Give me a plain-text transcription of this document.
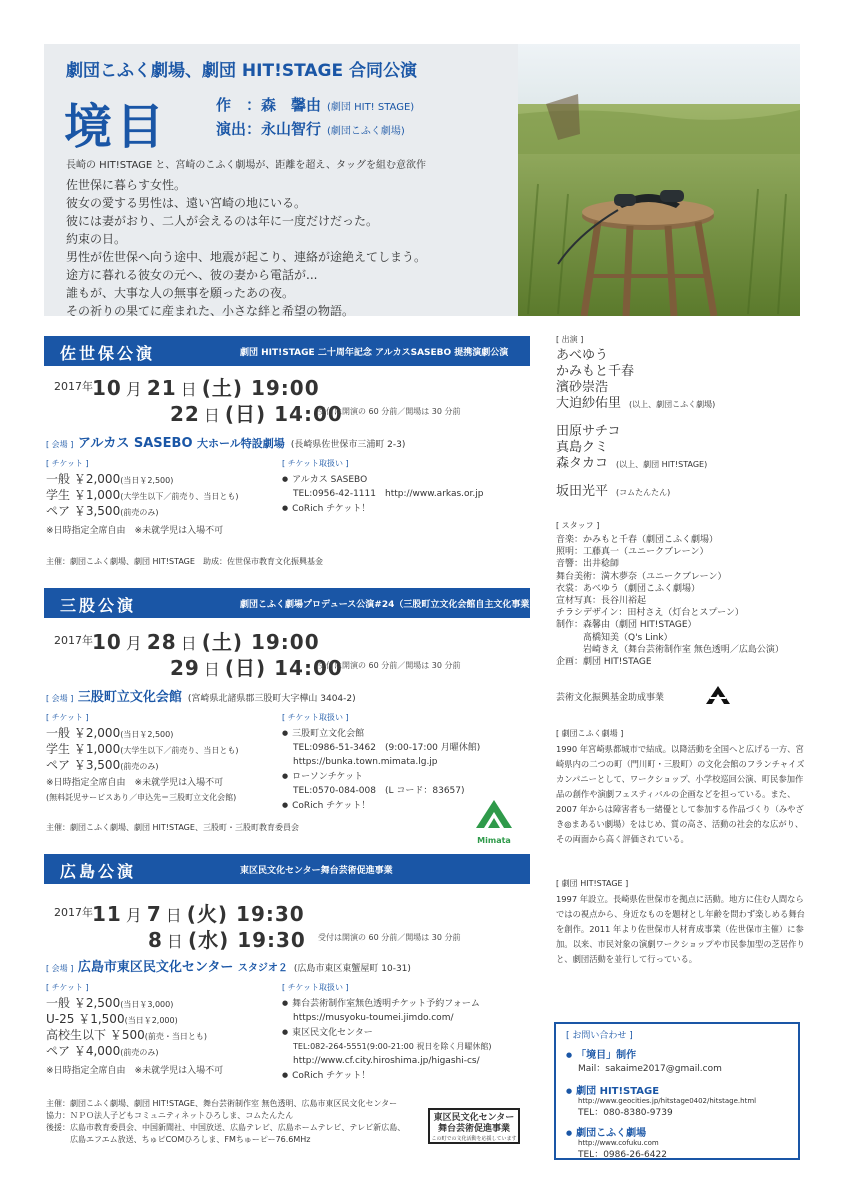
劇団こふく劇場、劇団 HIT!STAGE 合同公演
境目	作　：森　馨由 (劇団 HIT! STAGE)
演出：永山智行 (劇団こふく劇場)
長崎の HIT!STAGE と、宮崎のこふく劇場が、距離を超え、タッグを組む意欲作
佐世保に暮らす女性。
彼女の愛する男性は、遠い宮崎の地にいる。
彼には妻がおり、二人が会えるのは年に一度だけだった。
約束の日。
男性が佐世保へ向う途中、地震が起こり、連絡が途絶えてしまう。
途方に暮れる彼女の元へ、彼の妻から電話が...
誰もが、大事な人の無事を願ったあの夜。
その祈りの果てに産まれた、小さな絆と希望の物語。
佐世保公演	劇団 HIT!STAGE 二十周年記念 アルカスSASEBO 提携演劇公演
2017年 10 月 21 日 (土) 19:00
22 日 (日) 14:00
受付は開演の 60 分前／開場は 30 分前
[ 会場 ] アルカス SASEBO 大ホール特設劇場 (長崎県佐世保市三浦町 2-3)
[ チケット ]
一般 ￥2,000(当日￥2,500)
学生 ￥1,000(大学生以下／前売り、当日とも)
ペア ￥3,500(前売のみ)
※日時指定全席自由　※未就学児は入場不可
[ チケット取扱い ]
● アルカス SASEBO
TEL:0956-42-1111　http://www.arkas.or.jp
● CoRich チケット！
主催：劇団こふく劇場、劇団 HIT!STAGE　助成：佐世保市教育文化振興基金
三股公演	劇団こふく劇場プロデュース公演#24（三股町立文化会館自主文化事業）
2017年 10 月 28 日 (土) 19:00
29 日 (日) 14:00
受付は開演の 60 分前／開場は 30 分前
[ 会場 ] 三股町立文化会館 (宮崎県北諸県郡三股町大字樺山 3404-2)
[ チケット ]
一般 ￥2,000(当日￥2,500)
学生 ￥1,000(大学生以下／前売り、当日とも)
ペア ￥3,500(前売のみ)
※日時指定全席自由　※未就学児は入場不可
(無料託児サービスあり／申込先＝三股町立文化会館)
[ チケット取扱い ]
● 三股町立文化会館
TEL:0986-51-3462　(9:00-17:00 月曜休館)
https://bunka.town.mimata.lg.jp
● ローソンチケット
TEL:0570-084-008　(L コード：83657)
● CoRich チケット！
Mimata
主催：劇団こふく劇場、劇団 HIT!STAGE、三股町・三股町教育委員会
広島公演	東区民文化センター舞台芸術促進事業
2017年 11 月 7 日 (火) 19:30
8 日 (水) 19:30 受付は開演の 60 分前／開場は 30 分前
[ 会場 ] 広島市東区民文化センター スタジオ２ (広島市東区東蟹屋町 10-31)
[ チケット ]
一般 ￥2,500(当日￥3,000)
U-25 ￥1,500(当日￥2,000)
高校生以下 ￥500(前売・当日とも)
ペア ￥4,000(前売のみ)
※日時指定全席自由　※未就学児は入場不可
[ チケット取扱い ]
● 舞台芸術制作室無色透明チケット予約フォーム
https://musyoku-toumei.jimdo.com/
● 東区民文化センター
TEL:082-264-5551(9:00-21:00 祝日を除く月曜休館)
http://www.cf.city.hiroshima.jp/higashi-cs/
● CoRich チケット！
主催：劇団こふく劇場、劇団 HIT!STAGE、舞台芸術制作室 無色透明、広島市東区民文化センター
協力：ＮＰＯ法人子どもコミュニティネットひろしま、コムたんたん
後援：広島市教育委員会、中国新聞社、中国放送、広島テレビ、広島ホームテレビ、テレビ新広島、
　　　広島エフエム放送、ちゅピCOMひろしま、FMちゅーピー76.6MHz
東区民文化センター
舞台芸術促進事業
この町での文化活動を応援しています
[ 出演 ]
あべゆう
かみもと千春
濱砂崇浩
大迫紗佑里 (以上、劇団こふく劇場)
田原サチコ
真島クミ
森タカコ (以上、劇団 HIT!STAGE)
坂田光平 (コムたんたん)
[ スタッフ ]
音楽：かみもと千春（劇団こふく劇場）
照明：工藤真一（ユニークブレーン）
音響：出井稔師
舞台美術：満木夢奈（ユニークブレーン）
衣裳：あべゆう（劇団こふく劇場）
宣材写真：長谷川裕起
チラシデザイン：田村さえ（灯台とスプーン）
制作：森馨由（劇団 HIT!STAGE）
　　　髙橋知美（Q's Link）
　　　岩崎きえ（舞台芸術制作室 無色透明／広島公演）
企画：劇団 HIT!STAGE
芸術文化振興基金助成事業
[ 劇団こふく劇場 ]
1990 年宮崎県都城市で結成。以降活動を全国へと広げる一方、宮崎県内の二つの町（門川町・三股町）の文化会館のフランチャイズカンパニーとして、ワークショップ、小学校巡回公演、町民参加作品の創作や演劇フェスティバルの企画などを担っている。また、2007 年からは障害者も一緒優として参加する作品づくり（みやざき◎まあるい劇場）をはじめ、質の高さ、活動の社会的な広がり、その両面から高く評価されている。
[ 劇団 HIT!STAGE ]
1997 年設立。長崎県佐世保市を拠点に活動。地方に住む人間ならではの視点から、身近なものを題材とし年齢を問わず楽しめる舞台を創作。2011 年より佐世保市人材育成事業（佐世保市主催）に参加。以来、市民対象の演劇ワークショップや市民参加型の芝居作りと、劇団活動を並行して行っている。
[ お問い合わせ ]
● 「境目」制作
Mail：sakaime2017@gmail.com
● 劇団 HIT!STAGE
http://www.geocities.jp/hitstage0402/hitstage.html
TEL：080-8380-9739
● 劇団こふく劇場
http://www.cofuku.com
TEL：0986-26-6422
